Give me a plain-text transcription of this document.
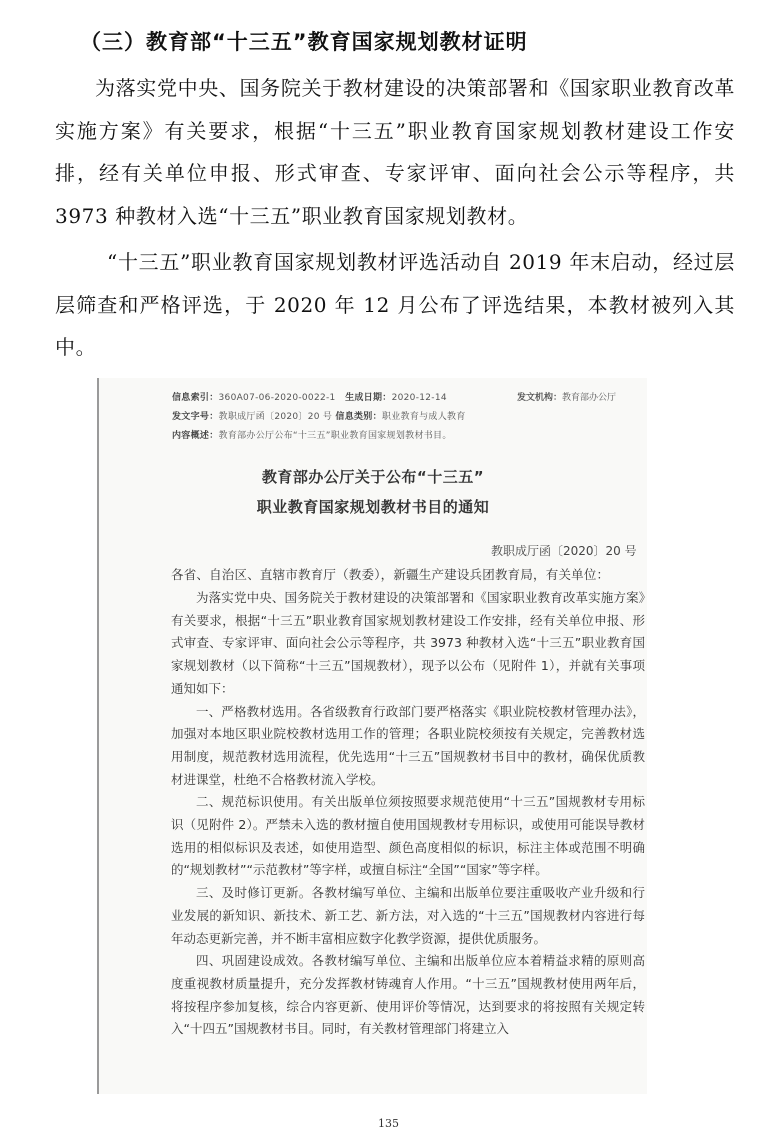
（三）教育部“十三五”教育国家规划教材证明

为落实党中央、国务院关于教材建设的决策部署和《国家职业教育改革实施方案》有关要求，根据“十三五”职业教育国家规划教材建设工作安排，经有关单位申报、形式审查、专家评审、面向社会公示等程序，共 3973 种教材入选“十三五”职业教育国家规划教材。

“十三五”职业教育国家规划教材评选活动自 2019 年末启动，经过层层筛查和严格评选，于 2020 年 12 月公布了评选结果，本教材被列入其中。

信息索引：360A07-06-2020-0022-1 生成日期：2020-12-14	发文机构：教育部办公厅
发文字号：教职成厅函〔2020〕20 号 信息类别：职业教育与成人教育
内容概述：教育部办公厅公布“十三五”职业教育国家规划教材书目。
教育部办公厅关于公布“十三五”
职业教育国家规划教材书目的通知
教职成厅函〔2020〕20 号
各省、自治区、直辖市教育厅（教委），新疆生产建设兵团教育局，有关单位：

为落实党中央、国务院关于教材建设的决策部署和《国家职业教育改革实施方案》有关要求，根据“十三五”职业教育国家规划教材建设工作安排，经有关单位申报、形式审查、专家评审、面向社会公示等程序，共 3973 种教材入选“十三五”职业教育国家规划教材（以下简称“十三五”国规教材），现予以公布（见附件 1），并就有关事项通知如下：

一、严格教材选用。各省级教育行政部门要严格落实《职业院校教材管理办法》，加强对本地区职业院校教材选用工作的管理；各职业院校须按有关规定，完善教材选用制度，规范教材选用流程，优先选用“十三五”国规教材书目中的教材，确保优质教材进课堂，杜绝不合格教材流入学校。

二、规范标识使用。有关出版单位须按照要求规范使用“十三五”国规教材专用标识（见附件 2）。严禁未入选的教材擅自使用国规教材专用标识，或使用可能误导教材选用的相似标识及表述，如使用造型、颜色高度相似的标识，标注主体或范围不明确的“规划教材”“示范教材”等字样，或擅自标注“全国”“国家”等字样。

三、及时修订更新。各教材编写单位、主编和出版单位要注重吸收产业升级和行业发展的新知识、新技术、新工艺、新方法，对入选的“十三五”国规教材内容进行每年动态更新完善，并不断丰富相应数字化教学资源，提供优质服务。

四、巩固建设成效。各教材编写单位、主编和出版单位应本着精益求精的原则高度重视教材质量提升，充分发挥教材铸魂育人作用。“十三五”国规教材使用两年后，将按程序参加复核，综合内容更新、使用评价等情况，达到要求的将按照有关规定转入“十四五”国规教材书目。同时，有关教材管理部门将建立入

135
